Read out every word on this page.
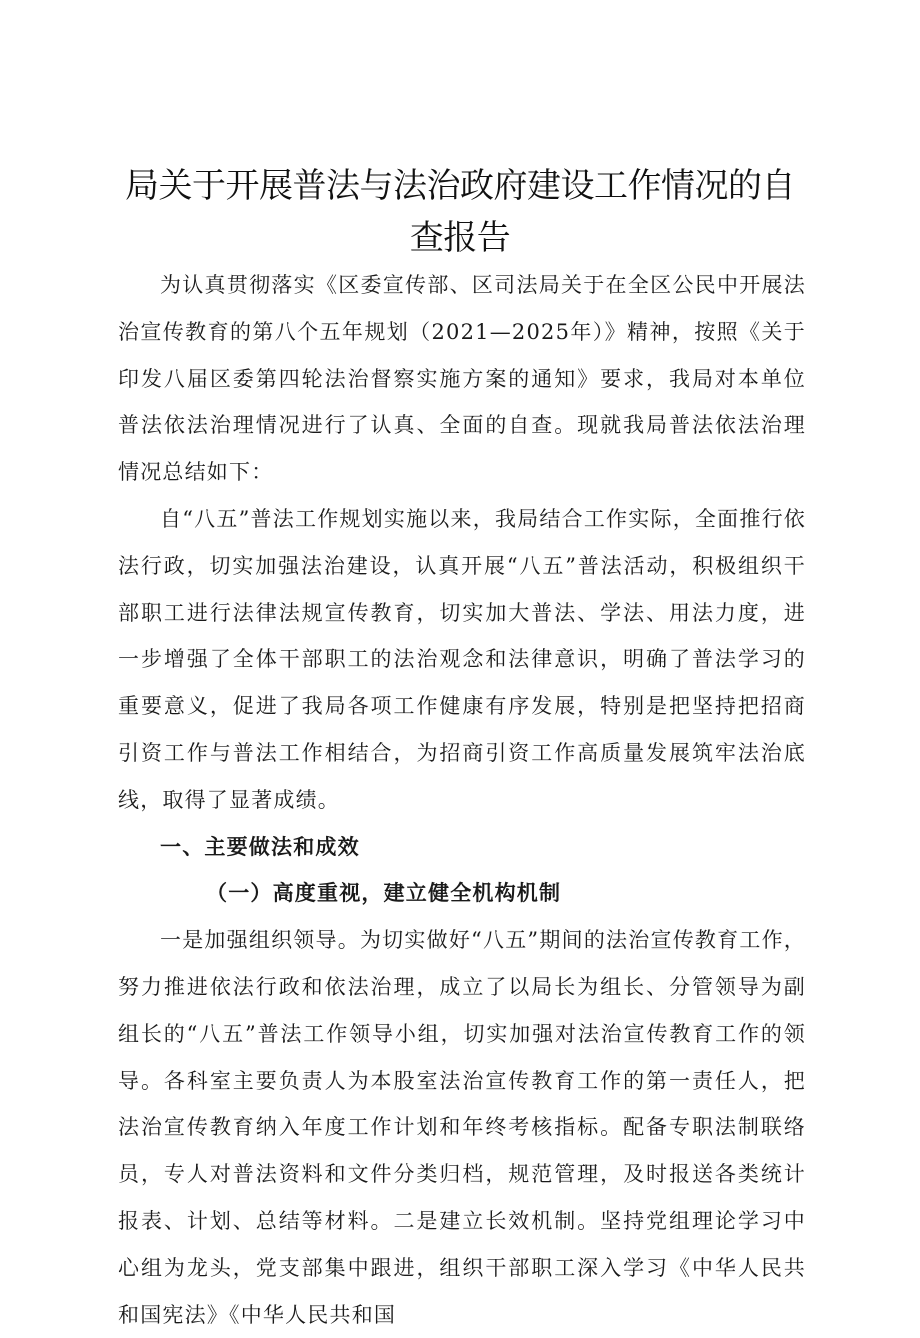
局关于开展普法与法治政府建设工作情况的自查报告

为认真贯彻落实《区委宣传部、区司法局关于在全区公民中开展法治宣传教育的第八个五年规划（2021—2025年）》精神，按照《关于印发八届区委第四轮法治督察实施方案的通知》要求，我局对本单位普法依法治理情况进行了认真、全面的自查。现就我局普法依法治理情况总结如下：

自“八五”普法工作规划实施以来，我局结合工作实际，全面推行依法行政，切实加强法治建设，认真开展“八五”普法活动，积极组织干部职工进行法律法规宣传教育，切实加大普法、学法、用法力度，进一步增强了全体干部职工的法治观念和法律意识，明确了普法学习的重要意义，促进了我局各项工作健康有序发展，特别是把坚持把招商引资工作与普法工作相结合，为招商引资工作高质量发展筑牢法治底线，取得了显著成绩。

一、主要做法和成效
（一）高度重视，建立健全机构机制

一是加强组织领导。为切实做好“八五”期间的法治宣传教育工作，努力推进依法行政和依法治理，成立了以局长为组长、分管领导为副组长的“八五”普法工作领导小组，切实加强对法治宣传教育工作的领导。各科室主要负责人为本股室法治宣传教育工作的第一责任人，把法治宣传教育纳入年度工作计划和年终考核指标。配备专职法制联络员，专人对普法资料和文件分类归档，规范管理，及时报送各类统计报表、计划、总结等材料。二是建立长效机制。坚持党组理论学习中心组为龙头，党支部集中跟进，组织干部职工深入学习《中华人民共和国宪法》《中华人民共和国
